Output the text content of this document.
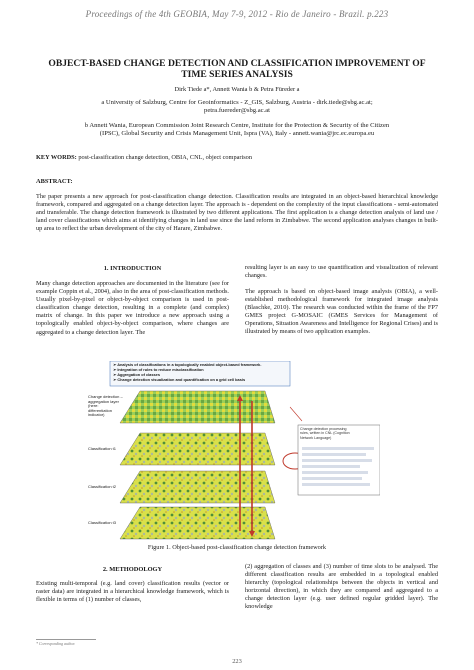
Proceedings of the 4th GEOBIA, May 7-9, 2012 - Rio de Janeiro - Brazil. p.223
OBJECT-BASED CHANGE DETECTION AND CLASSIFICATION IMPROVEMENT OF
TIME SERIES ANALYSIS
Dirk Tiede a*, Annett Wania b & Petra Füreder a
a University of Salzburg, Centre for Geoinformatics - Z_GIS, Salzburg, Austria - dirk.tiede@sbg.ac.at;
petra.fuereder@sbg.ac.at
b Annett Wania, European Commission Joint Research Centre, Institute for the Protection & Security of the Citizen
(IPSC), Global Security and Crisis Management Unit, Ispra (VA), Italy - annett.wania@jrc.ec.europa.eu
KEY WORDS: post-classification change detection, OBIA, CNL, object comparison
ABSTRACT:
The paper presents a new approach for post-classification change detection. Classification results are integrated in an object-based hierarchical knowledge framework, compared and aggregated on a change detection layer. The approach is - dependent on the complexity of the input classifications - semi-automated and transferable. The change detection framework is illustrated by two different applications. The first application is a change detection analysis of land use / land cover classifications which aims at identifying changes in land use since the land reform in Zimbabwe. The second application analyses changes in built-up area to reflect the urban development of the city of Harare, Zimbabwe.
1. INTRODUCTION
Many change detection approaches are documented in the literature (see for example Coppin et al., 2004), also in the area of post-classification methods. Usually pixel-by-pixel or object-by-object comparison is used in post-classification change detection, resulting in a complete (and complex) matrix of change. In this paper we introduce a new approach using a topologically enabled object-by-object comparison, where changes are aggregated to a change detection layer. The
resulting layer is an easy to use quantification and visualization of relevant changes.
The approach is based on object-based image analysis (OBIA), a well-established methodological framework for integrated image analysis (Blaschke, 2010). The research was conducted within the frame of the FP7 GMES project G-MOSAIC (GMES Services for Management of Operations, Situation Awareness and Intelligence for Regional Crises) and is illustrated by means of two application examples.
➢ Analysis of classifications in a topologically enabled object-based framework.
➢ Integration of rules to reduce misclassification
➢ Aggregation of classes
➢ Change detection visualization and quantification on a grid cell basis
Change detection –
aggregation layer
(here:
differentiation
indicator)
Classification t1
Classification t2
Classification t3
Change detection processing
rules, written in CNL (Cognition
Network Language)
Figure 1. Object-based post-classification change detection framework
2. METHODOLOGY
Existing multi-temporal (e.g. land cover) classification results (vector or raster data) are integrated in a hierarchical knowledge framework, which is flexible in terms of (1) number of classes,
(2) aggregation of classes and (3) number of time slots to be analysed. The different classification results are embedded in a topological enabled hierarchy (topological relationships between the objects in vertical and horizontal direction), in which they are compared and aggregated to a change detection layer (e.g. user defined regular gridded layer). The knowledge
* Corresponding author.
223
